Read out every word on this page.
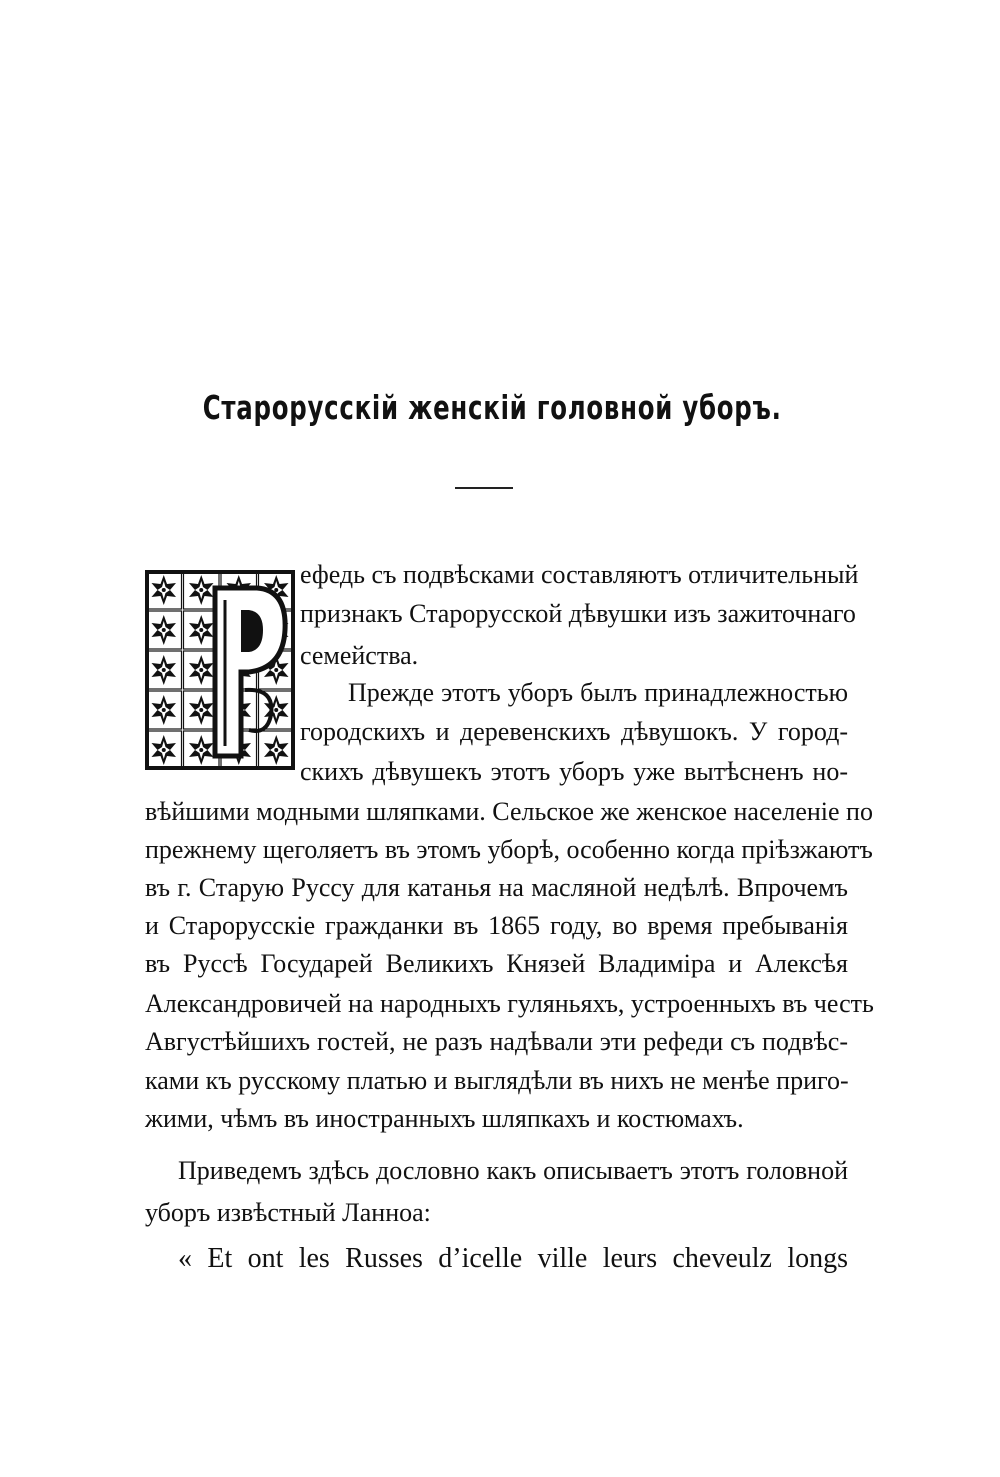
Старорусскій женскій головной уборъ.
Р	ефедь съ подвѣсками составляютъ отличительный
признакъ Старорусской дѣвушки изъ зажиточнаго
семейства.
Прежде этотъ уборъ былъ принадлежностью
городскихъ и деревенскихъ дѣвушокъ. У город-
скихъ дѣвушекъ этотъ уборъ уже вытѣсненъ но-
вѣйшими модными шляпками. Сельское же женское населеніе по
прежнему щеголяетъ въ этомъ уборѣ, особенно когда пріѣзжаютъ
въ г. Старую Руссу для катанья на масляной недѣлѣ. Впрочемъ
и Старорусскіе гражданки въ 1865 году, во время пребыванія
въ Руссѣ Государей Великихъ Князей Владиміра и Алексѣя
Александровичей на народныхъ гуляньяхъ, устроенныхъ въ честь
Августѣйшихъ гостей, не разъ надѣвали эти рефеди съ подвѣс-
ками къ русскому платью и выглядѣли въ нихъ не менѣе приго-
жими, чѣмъ въ иностранныхъ шляпкахъ и костюмахъ.
Приведемъ здѣсь дословно какъ описываетъ этотъ головной
уборъ извѣстный Ланноа:
« Et ont les Russes d’icelle ville leurs cheveulz longs
